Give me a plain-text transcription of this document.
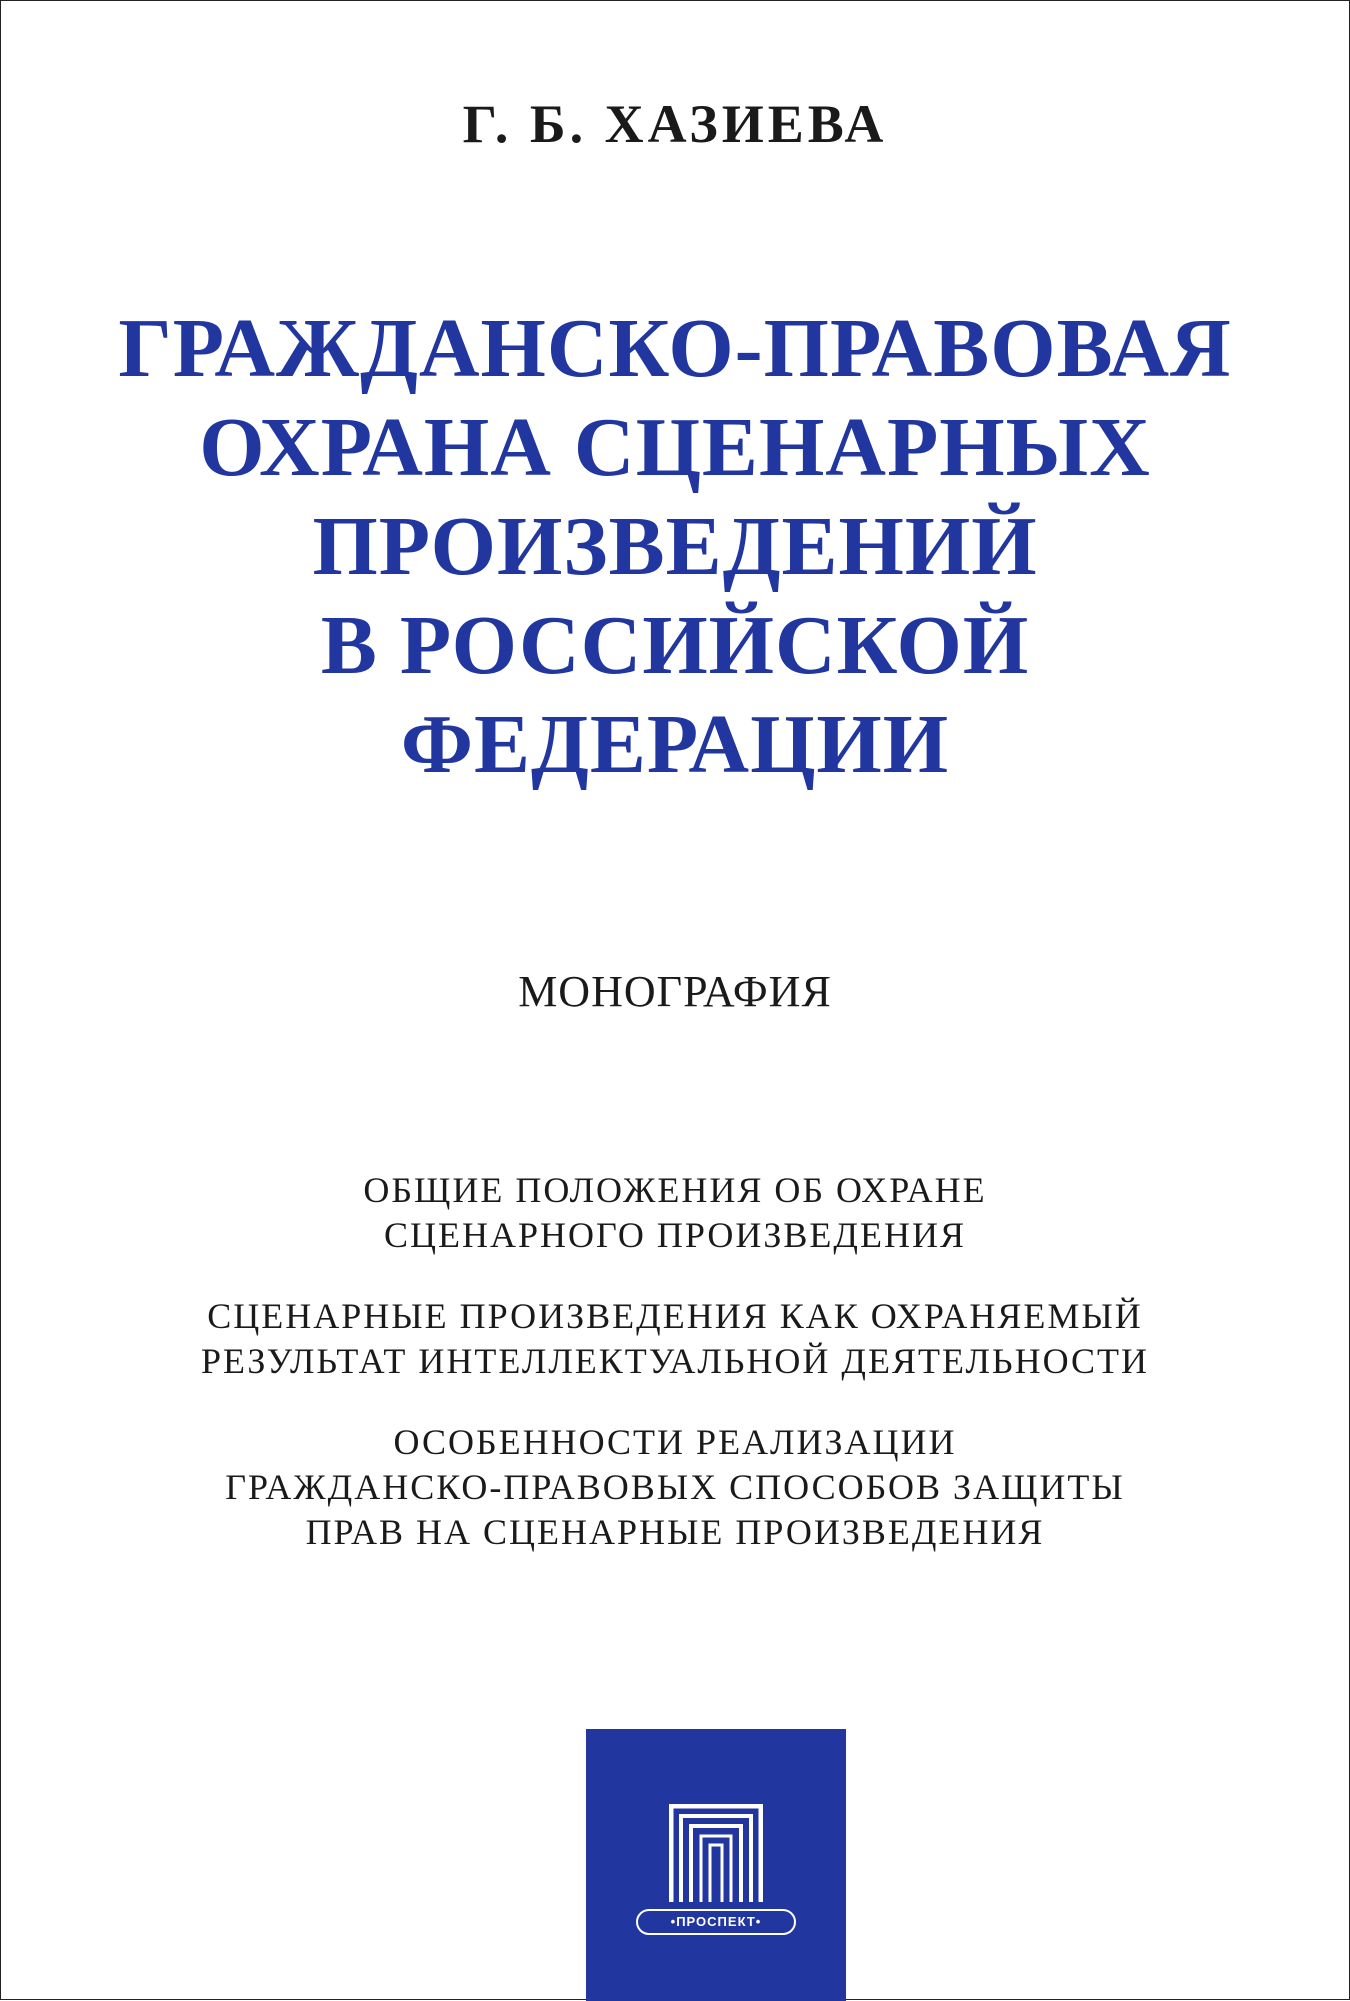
Г. Б. ХАЗИЕВА
ГРАЖДАНСКО-ПРАВОВАЯ
ОХРАНА СЦЕНАРНЫХ
ПРОИЗВЕДЕНИЙ
В РОССИЙСКОЙ
ФЕДЕРАЦИИ
МОНОГРАФИЯ
ОБЩИЕ ПОЛОЖЕНИЯ ОБ ОХРАНЕ
СЦЕНАРНОГО ПРОИЗВЕДЕНИЯ
СЦЕНАРНЫЕ ПРОИЗВЕДЕНИЯ КАК ОХРАНЯЕМЫЙ
РЕЗУЛЬТАТ ИНТЕЛЛЕКТУАЛЬНОЙ ДЕЯТЕЛЬНОСТИ
ОСОБЕННОСТИ РЕАЛИЗАЦИИ
ГРАЖДАНСКО-ПРАВОВЫХ СПОСОБОВ ЗАЩИТЫ
ПРАВ НА СЦЕНАРНЫЕ ПРОИЗВЕДЕНИЯ
•ПРОСПЕКТ•
